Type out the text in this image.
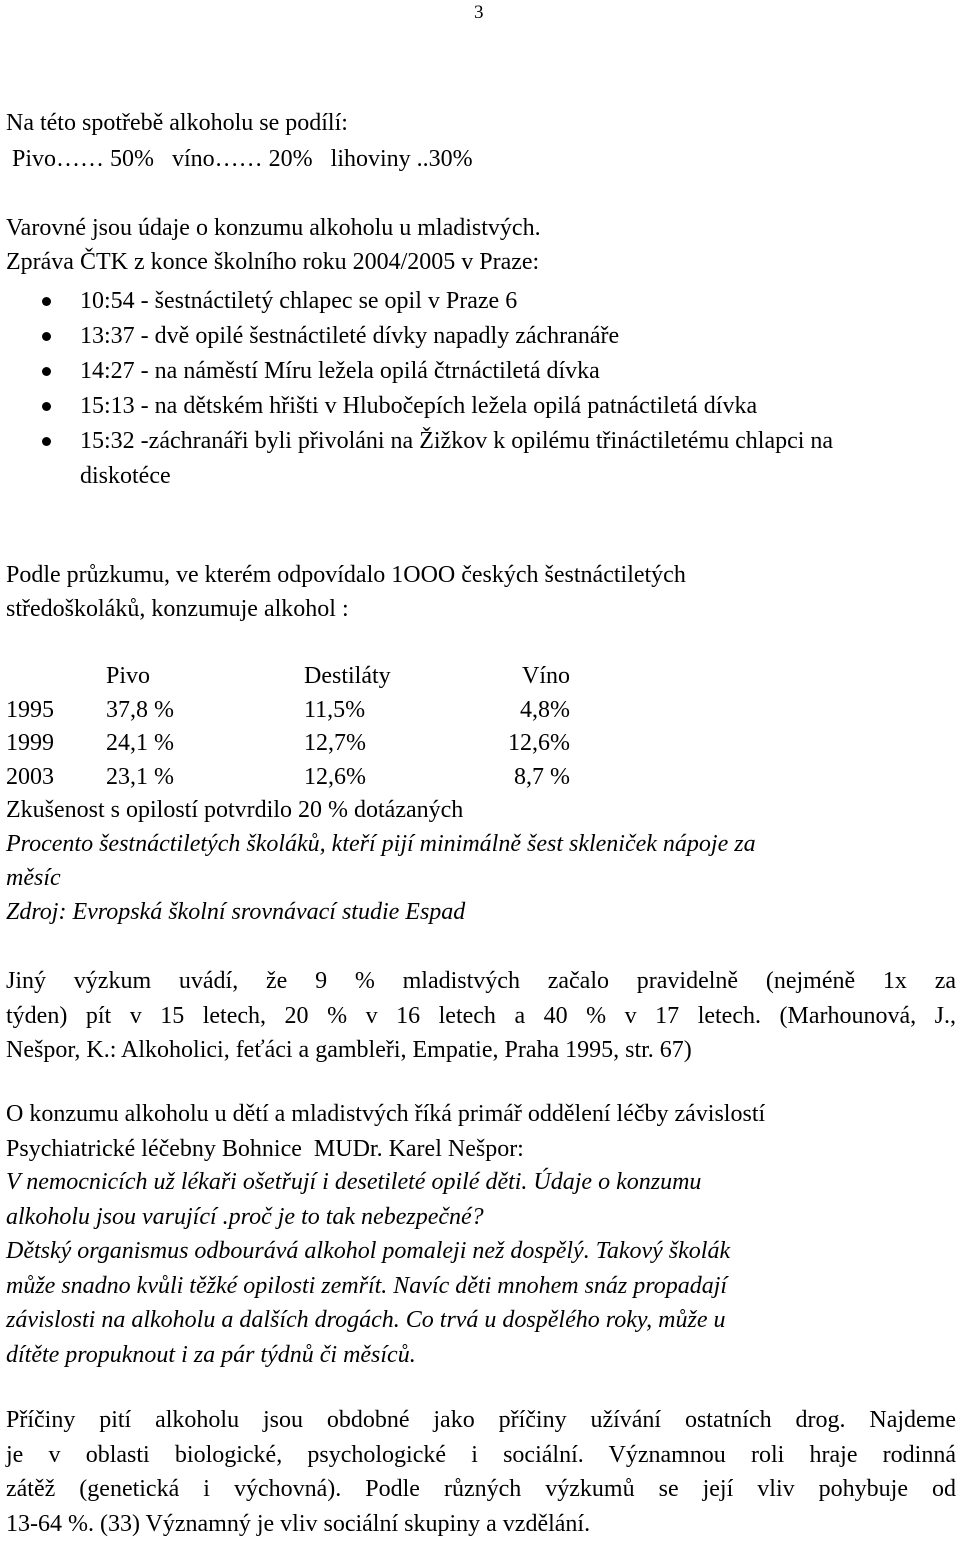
3
Na této spotřebě alkoholu se podílí:
Pivo…… 50%   víno…… 20%   lihoviny ..30%
Varovné jsou údaje o konzumu alkoholu u mladistvých.
Zpráva ČTK z konce školního roku 2004/2005 v Praze:
10:54 - šestnáctiletý chlapec se opil v Praze 6
13:37 - dvě opilé šestnáctileté dívky napadly záchranáře
14:27 - na náměstí Míru ležela opilá čtrnáctiletá dívka
15:13 - na dětském hřišti v Hlubočepích ležela opilá patnáctiletá dívka
15:32 -záchranáři byli přivoláni na Žižkov k opilému třináctiletému chlapci na diskotéce
Podle průzkumu, ve kterém odpovídalo 1OOO českých šestnáctiletých
středoškoláků, konzumuje alkohol :
	Pivo	Destiláty	Víno
1995	37,8 %	11,5%	4,8%
1999	24,1 %	12,7%	12,6%
2003	23,1 %	12,6%	8,7 %
Zkušenost s opilostí potvrdilo 20 % dotázaných
Procento šestnáctiletých školáků, kteří pijí minimálně šest skleniček nápoje za
měsíc
Zdroj: Evropská školní srovnávací studie Espad
Jiný výzkum uvádí, že 9 % mladistvých začalo pravidelně (nejméně 1x za
týden) pít v 15 letech, 20 % v 16 letech a 40 % v 17 letech. (Marhounová, J.,
Nešpor, K.: Alkoholici, feťáci a gambleři, Empatie, Praha 1995, str. 67)
O konzumu alkoholu u dětí a mladistvých říká primář oddělení léčby závislostí
Psychiatrické léčebny Bohnice  MUDr. Karel Nešpor:
V nemocnicích už lékaři ošetřují i desetileté opilé děti. Údaje o konzumu
alkoholu jsou varující .proč je to tak nebezpečné?
Dětský organismus odbourává alkohol pomaleji než dospělý. Takový školák
může snadno kvůli těžké opilosti zemřít. Navíc děti mnohem snáz propadají
závislosti na alkoholu a dalších drogách. Co trvá u dospělého roky, může u
dítěte propuknout i za pár týdnů či měsíců.
Příčiny pití alkoholu jsou obdobné jako příčiny užívání ostatních drog. Najdeme
je v oblasti biologické, psychologické i sociální. Významnou roli hraje rodinná
zátěž (genetická i výchovná). Podle různých výzkumů se její vliv pohybuje od
13-64 %. (33) Významný je vliv sociální skupiny a vzdělání.
